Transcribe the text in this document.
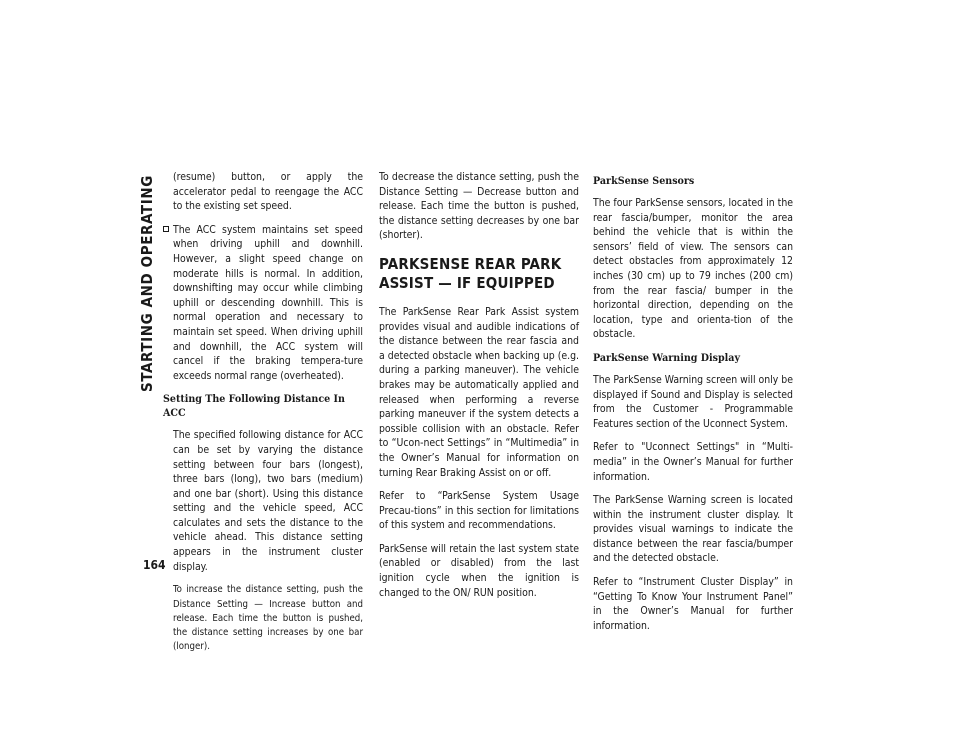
STARTING AND OPERATING
164

(resume) button, or apply the accelerator pedal to reengage the ACC to the existing set speed.

The ACC system maintains set speed when driving uphill and downhill. However, a slight speed change on moderate hills is normal. In addition, downshifting may occur while climbing uphill or descending downhill. This is normal operation and necessary to maintain set speed. When driving uphill and downhill, the ACC system will cancel if the braking tempera-ture exceeds normal range (overheated).

Setting The Following Distance In ACC

The specified following distance for ACC can be set by varying the distance setting between four bars (longest), three bars (long), two bars (medium) and one bar (short). Using this distance setting and the vehicle speed, ACC calculates and sets the distance to the vehicle ahead. This distance setting appears in the instrument cluster display.

To increase the distance setting, push the Distance Setting — Increase button and release. Each time the button is pushed, the distance setting increases by one bar (longer).

To decrease the distance setting, push the Distance Setting — Decrease button and release. Each time the button is pushed, the distance setting decreases by one bar (shorter).

PARKSENSE REAR PARK ASSIST — IF EQUIPPED

The ParkSense Rear Park Assist system provides visual and audible indications of the distance between the rear fascia and a detected obstacle when backing up (e.g. during a parking maneuver). The vehicle brakes may be automatically applied and released when performing a reverse parking maneuver if the system detects a possible collision with an obstacle. Refer to “Ucon-nect Settings” in “Multimedia” in the Owner’s Manual for information on turning Rear Braking Assist on or off.

Refer to “ParkSense System Usage Precau-tions” in this section for limitations of this system and recommendations.

ParkSense will retain the last system state (enabled or disabled) from the last ignition cycle when the ignition is changed to the ON/ RUN position.

ParkSense Sensors

The four ParkSense sensors, located in the rear fascia/bumper, monitor the area behind the vehicle that is within the sensors’ field of view. The sensors can detect obstacles from approximately 12 inches (30 cm) up to 79 inches (200 cm) from the rear fascia/ bumper in the horizontal direction, depending on the location, type and orienta-tion of the obstacle.

ParkSense Warning Display

The ParkSense Warning screen will only be displayed if Sound and Display is selected from the Customer - Programmable Features section of the Uconnect System.

Refer to "Uconnect Settings" in “Multi-media” in the Owner’s Manual for further information.

The ParkSense Warning screen is located within the instrument cluster display. It provides visual warnings to indicate the distance between the rear fascia/bumper and the detected obstacle.

Refer to “Instrument Cluster Display” in “Getting To Know Your Instrument Panel” in the Owner’s Manual for further information.
